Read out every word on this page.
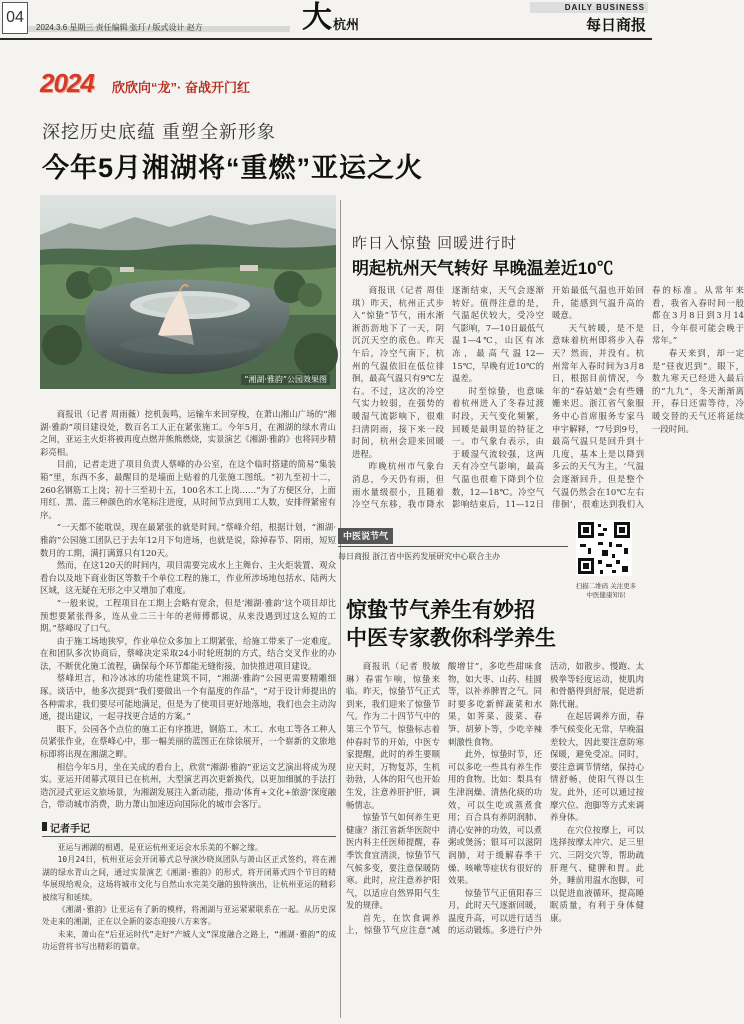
04
2024.3.6 星期三 责任编辑 张玎 / 版式设计 赵方	大 杭州
DAILY BUSINESS
每日商报
2024 欣欣向“龙”· 奋战开门红
深挖历史底蕴 重塑全新形象
今年5月湘湖将“重燃”亚运之火
“湘湖·雅韵”公园效果图

商报讯（记者 周雨薇）挖机轰鸣，运输车来回穿梭，在萧山湘山广场的“湘湖·雅韵”项目建设处，数百名工人正在紧张施工。今年5月，在湘湖的绿水青山之间，亚运主火炬将被再度点燃并熊熊燃烧，实景演艺《湘湖·雅韵》也将同步精彩亮相。

目前，记者走进了项目负责人蔡峰的办公室，在这个临时搭建的简易“集装箱”里，东西不多，最醒目的是墙面上贴着的几张施工图纸。“初九至初十二，260名钢筋工上岗；初十三至初十五，100名木工上岗……”为了方便区分，上面用红、黑、蓝三种颜色的水笔标注进度，从时间节点到用工人数，安排得紧密有序。

“一天都不能耽误，现在最紧张的就是时间。”蔡峰介绍，根据计划，“湘湖·雅韵”公园施工团队已于去年12月下旬进场，也就是说，除掉春节、阴雨，短短数月的工期，满打满算只有120天。

然而，在这120天的时间内，项目需要完成水上主舞台、主火炬装置、观众看台以及地下商业街区等数千个单位工程的施工，作业所涉场地包括水、陆两大区域，这无疑在无形之中又增加了难度。

“一般来说，工程项目在工期上会略有宽余，但是‘湘湖·雅韵’这个项目却比预想要紧张得多，连从业二三十年的老师傅都说，从来没遇到过这么短的工期。”蔡峰叹了口气。

由于施工场地狭窄，作业单位众多加上工期紧张，给施工带来了一定难度。在和团队多次协商后，蔡峰决定采取24小时轮班制的方式，结合交叉作业的办法，不断优化施工流程，确保每个环节都能无缝衔接，加快推进项目建设。

蔡峰坦言，和冷冰冰的功能性建筑不同，“湘湖·雅韵”公园更需要精雕细琢。谈话中，他多次提到“我们要做出一个有温度的作品”，“对于设计师提出的各种需求，我们要尽可能地满足，但是为了使项目更好地落地，我们也会主动沟通，提出建议，一起寻找更合适的方案。”

眼下，公园各个点位的施工正有序推进，钢筋工、木工、水电工等各工种人员紧张作业，在蔡峰心中，那一幅美丽的蓝图正在徐徐展开，一个崭新的文旅地标即将出现在湘湖之畔。

相信今年5月，坐在关成的看台上，欣赏“湘湖·雅韵”亚运文艺演出将成为现实。亚运开闭幕式项目已在杭州，大型演艺再次更新换代，以更加细腻的手法打造沉浸式亚运文旅场景，为湘湖发展注入新动能，推动‘体育+文化+旅游’深度融合，带动城市消费，助力萧山加速迈向国际化的城市会客厅。

记者手记

亚运与湘湖的相遇，是亚运杭州亚运会水乐美的不解之缘。

10月24日，杭州亚运会开闭幕式总导演沙晓岚团队与萧山区正式签约，将在湘湖的绿水青山之间，通过实景演艺《湘湖·雅韵》的形式，将开闭幕式四个节目的精华展现给观众，这场将城市文化与自然山水完美交融的独特演出，让杭州亚运的精彩被续写和延续。

《湘湖·雅韵》让亚运有了新的模样，将湘湖与亚运紧紧联系在一起。从历史深处走来的湘湖，正在以全新的姿态迎接八方来客。

未来，萧山在“后亚运时代”走好“产城人文”深度融合之路上，“湘湖·雅韵”的成功运营将书写出精彩的篇章。

昨日入惊蛰 回暖进行时
明起杭州天气转好 早晚温差近10℃

商报讯（记者 周佳琪）昨天，杭州正式步入“惊蛰”节气，雨水淅淅沥沥地下了一天，阴沉沉天空的底色。昨天午后，冷空气南下，杭州的气温依旧在低位徘徊，最高气温只有9℃左右。不过，这次的冷空气实力较弱，在强势的暖湿气流影响下，很难扫清阴雨，接下来一段时间，杭州会迎来回暖进程。

昨晚杭州市气象台消息，今天仍有雨，但雨水量级很小，且随着冷空气东移，我市降水逐渐结束，天气会逐渐转好。值得注意的是，气温起伏较大，受冷空气影响，7—10日最低气温1—4℃，山区有冰冻，最高气温12—15℃，早晚有近10℃的温差。

时至惊蛰，也意味着杭州进入了冬春过渡时段，天气变化频繁，回暖是最明显的特征之一。市气象台表示，由于暖湿气流较强，这两天有冷空气影响，最高气温也很难下降到个位数，12—18℃。冷空气影响结束后，11—12日开始最低气温也开始回升，能感到气温升高的暖意。

天气转暖，是不是意味着杭州即将步入春天？然而，并没有。杭州常年入春时间为3月8日，根据目前情况，今年的“春姑娘”会有些姗姗来迟。浙江省气象服务中心首席服务专家马申宇解释，“7号到9号，最高气温只是回升到十几度，基本上是以降到多云的天气为主，‘气温会逐渐回升，但是整个气温仍然会在10℃左右徘徊’，很难达到我们入春的标准。从常年来看，我省入春时间一般都在3月8日到3月14日，今年很可能会晚于常年。”

春天来到，却一定是“昼夜迟到”。眼下，数九寒天已经进入最后的“九九”，冬天渐渐离开，春日还需等待，冷暖交替的天气还将延续一段时间。

中医说节气
每日商报 浙江省中医药发展研究中心联合主办
扫描二维码 关注更多中医健康知识
惊蛰节气养生有妙招
中医专家教你科学养生

商报讯（记者 殷敏琳）春雷乍响，惊蛰来临。昨天，惊蛰节气正式到来，我们迎来了惊蛰节气。作为二十四节气中的第三个节气，惊蛰标志着仲春时节的开始，中医专家提醒，此时的养生要顺应天时，万物复苏，生机勃勃，人体的阳气也开始生发，注意养肝护肝，调畅情志。

惊蛰节气如何养生更健康？浙江省新华医院中医内科主任医师提醒，春季饮食宜清淡，惊蛰节气气候多变，要注意保暖防寒。此时，应注意养护阳气，以适应自然界阳气生发的规律。

首先，在饮食调养上，惊蛰节气应注意“减酸增甘”，多吃些甜味食物，如大枣、山药、桂圆等，以补养脾胃之气。同时要多吃新鲜蔬菜和水果，如荠菜、菠菜、春笋、胡萝卜等，少吃辛辣刺激性食物。

此外，惊蛰时节，还可以多吃一些具有养生作用的食物。比如：梨具有生津润燥、清热化痰的功效，可以生吃或蒸煮食用；百合具有养阴润肺、清心安神的功效，可以煮粥或煲汤；银耳可以滋阴润肺，对于缓解春季干燥、咳嗽等症状有很好的效果。

惊蛰节气正值阳春三月，此时天气逐渐回暖，温度升高，可以进行适当的运动锻炼。多进行户外活动，如散步、慢跑、太极拳等轻度运动，使肌肉和骨骼得到舒展，促进新陈代谢。

在起居调养方面，春季气候变化无常，早晚温差较大，因此要注意防寒保暖，避免受凉。同时，要注意调节情绪，保持心情舒畅，使阳气得以生发。此外，还可以通过按摩穴位、泡脚等方式来调养身体。

在穴位按摩上，可以选择按摩太冲穴、足三里穴、三阴交穴等，帮助疏肝理气、健脾和胃。此外，睡前用温水泡脚，可以促进血液循环，提高睡眠质量，有利于身体健康。
